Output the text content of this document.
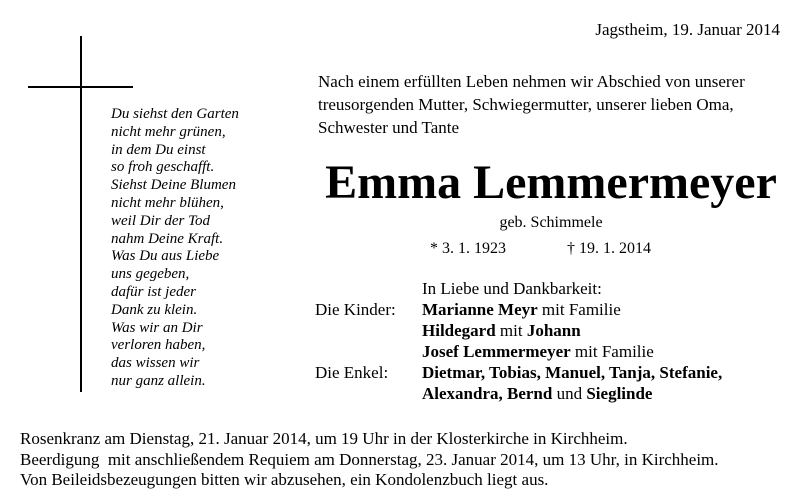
Jagstheim, 19. Januar 2014
Du siehst den Garten
nicht mehr grünen,
in dem Du einst
so froh geschafft.
Siehst Deine Blumen
nicht mehr blühen,
weil Dir der Tod
nahm Deine Kraft.
Was Du aus Liebe
uns gegeben,
dafür ist jeder
Dank zu klein.
Was wir an Dir
verloren haben,
das wissen wir
nur ganz allein.
Nach einem erfüllten Leben nehmen wir Abschied von unserer
treusorgenden Mutter, Schwiegermutter, unserer lieben Oma,
Schwester und Tante
Emma Lemmermeyer
geb. Schimmele
* 3. 1. 1923	† 19. 1. 2014
In Liebe und Dankbarkeit:
Die Kinder: Marianne Meyr mit Familie
Hildegard mit Johann
Josef Lemmermeyer mit Familie
Die Enkel: Dietmar, Tobias, Manuel, Tanja, Stefanie,
Alexandra, Bernd und Sieglinde
Rosenkranz am Dienstag, 21. Januar 2014, um 19 Uhr in der Klosterkirche in Kirchheim.
Beerdigung  mit anschließendem Requiem am Donnerstag, 23. Januar 2014, um 13 Uhr, in Kirchheim.
Von Beileidsbezeugungen bitten wir abzusehen, ein Kondolenzbuch liegt aus.
